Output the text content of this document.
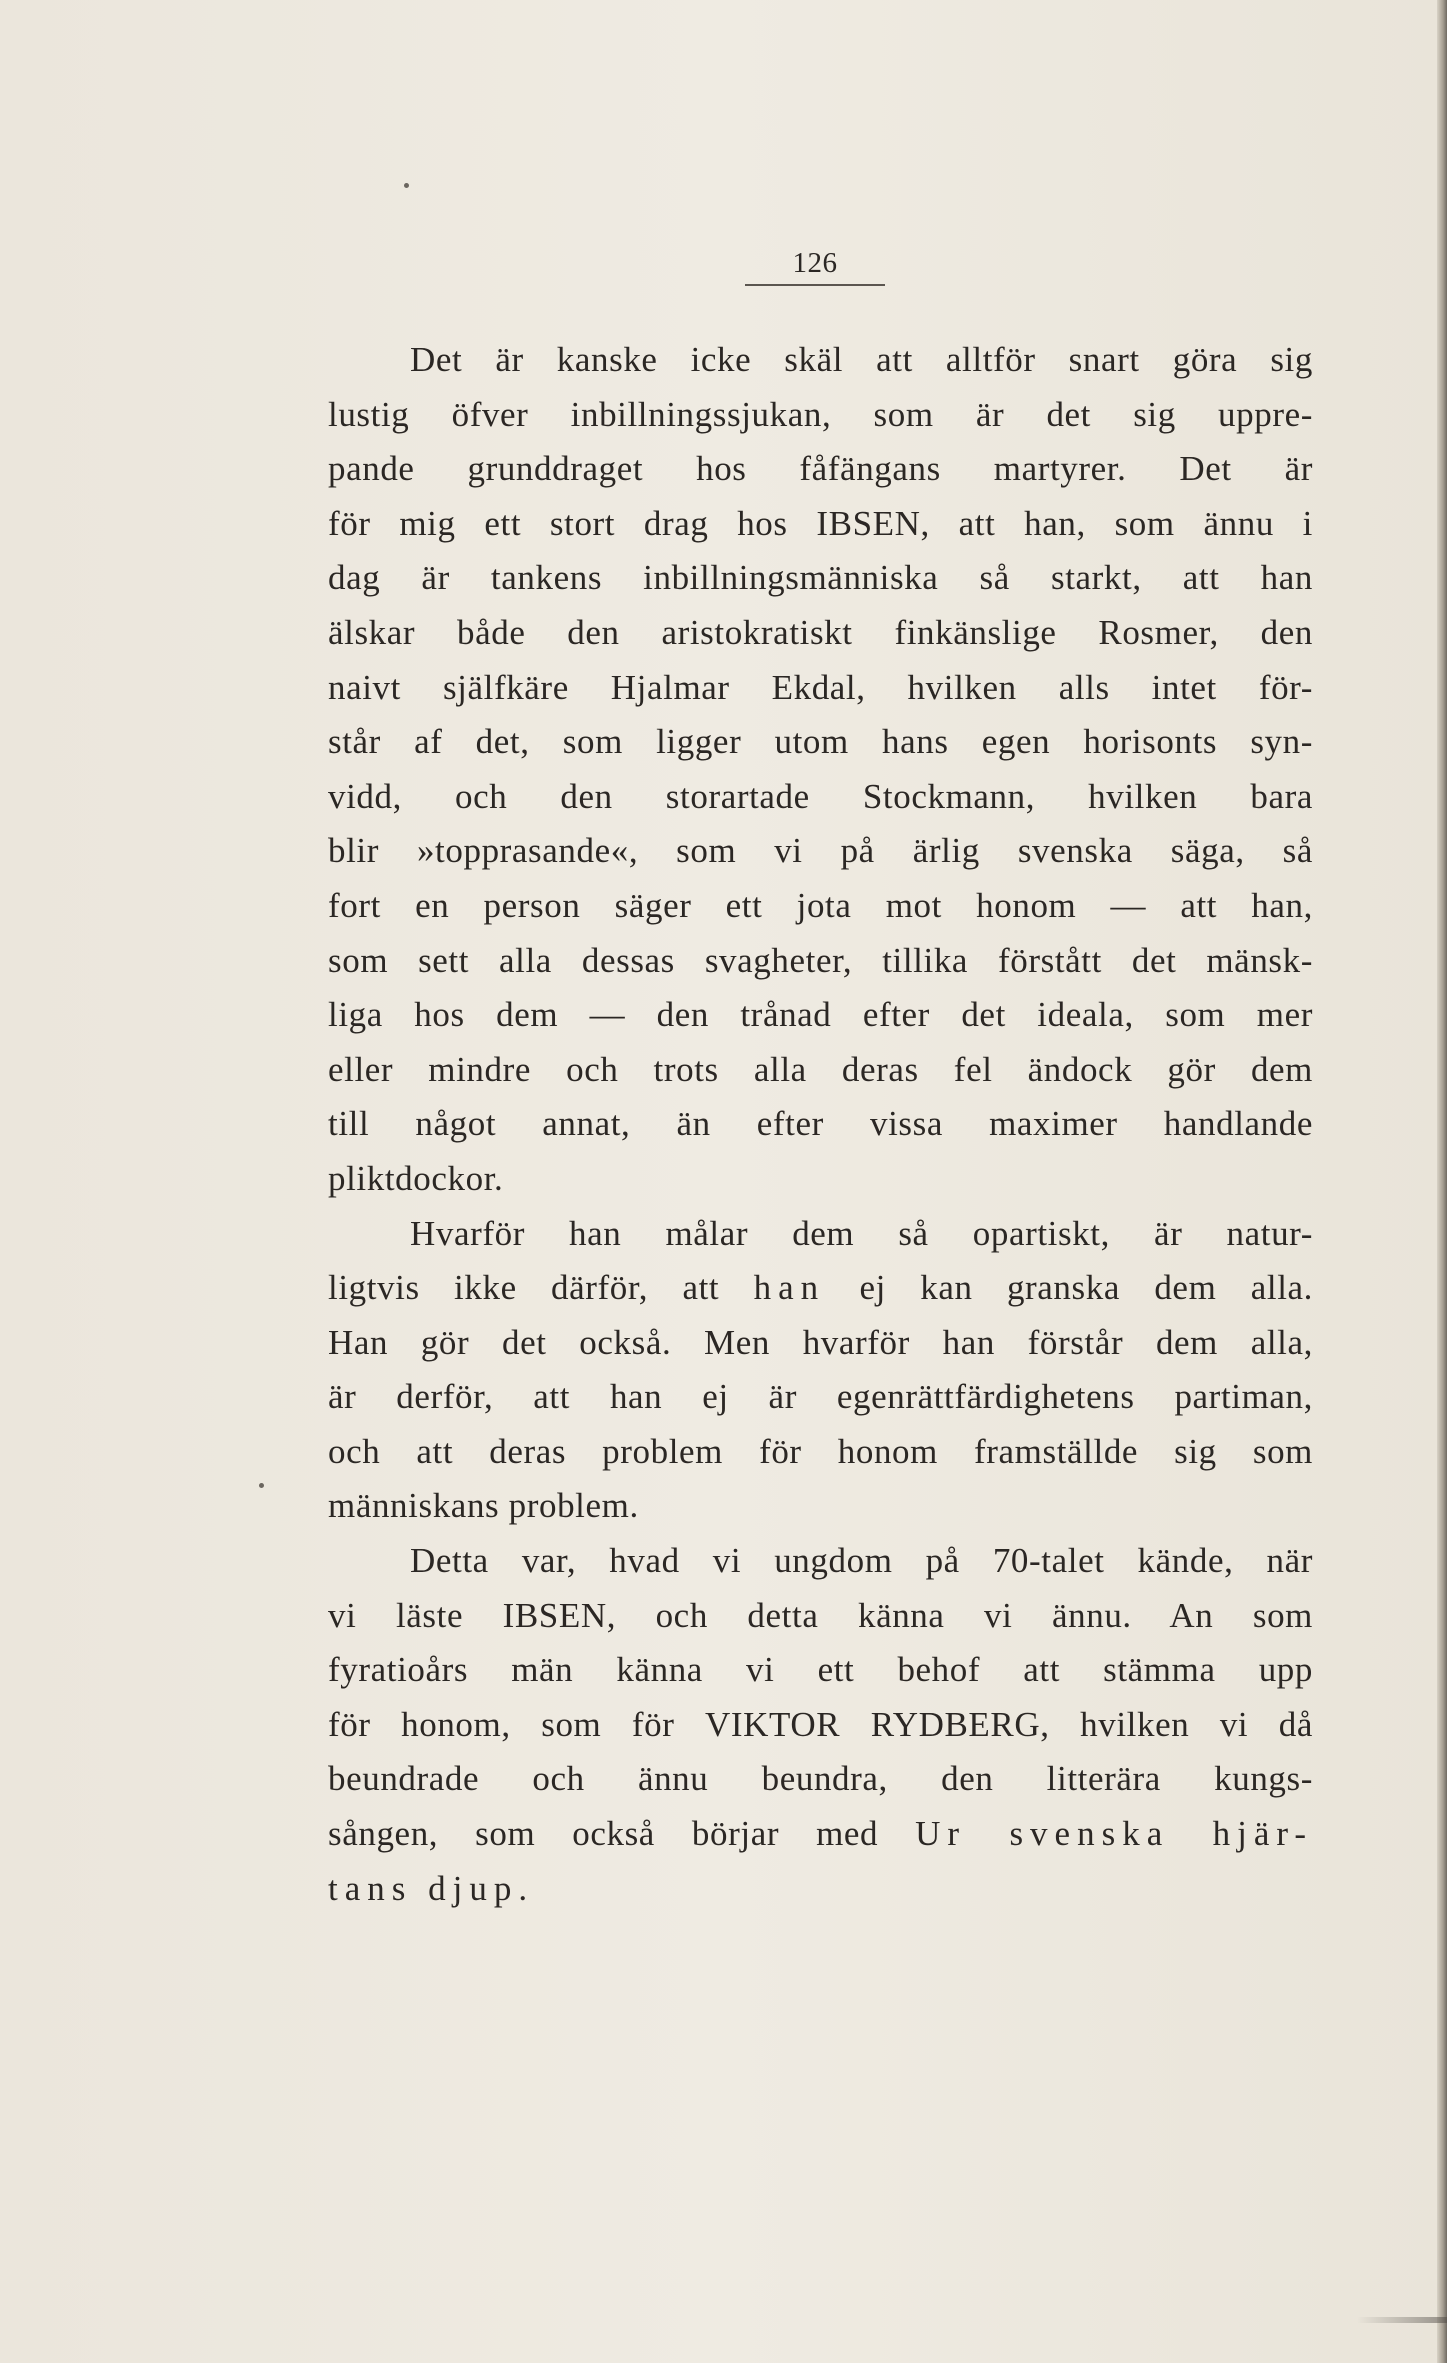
126
Det är kanske icke skäl att alltför snart göra sig
lustig öfver inbillningssjukan, som är det sig uppre-
pande grunddraget hos fåfängans martyrer. Det är
för mig ett stort drag hos IBSEN, att han, som ännu i
dag är tankens inbillningsmänniska så starkt, att han
älskar både den aristokratiskt finkänslige Rosmer, den
naivt själfkäre Hjalmar Ekdal, hvilken alls intet för-
står af det, som ligger utom hans egen horisonts syn-
vidd, och den storartade Stockmann, hvilken bara
blir »topprasande«, som vi på ärlig svenska säga, så
fort en person säger ett jota mot honom — att han,
som sett alla dessas svagheter, tillika förstått det mänsk-
liga hos dem — den trånad efter det ideala, som mer
eller mindre och trots alla deras fel ändock gör dem
till något annat, än efter vissa maximer handlande
pliktdockor.
Hvarför han målar dem så opartiskt, är natur-
ligtvis ikke därför, att han ej kan granska dem alla.
Han gör det också. Men hvarför han förstår dem alla,
är derför, att han ej är egenrättfärdighetens partiman,
och att deras problem för honom framställde sig som
människans problem.
Detta var, hvad vi ungdom på 70-talet kände, när
vi läste IBSEN, och detta känna vi ännu. An som
fyratioårs män känna vi ett behof att stämma upp
för honom, som för VIKTOR RYDBERG, hvilken vi då
beundrade och ännu beundra, den litterära kungs-
sången, som också börjar med Ur svenska hjär-
tans djup.
